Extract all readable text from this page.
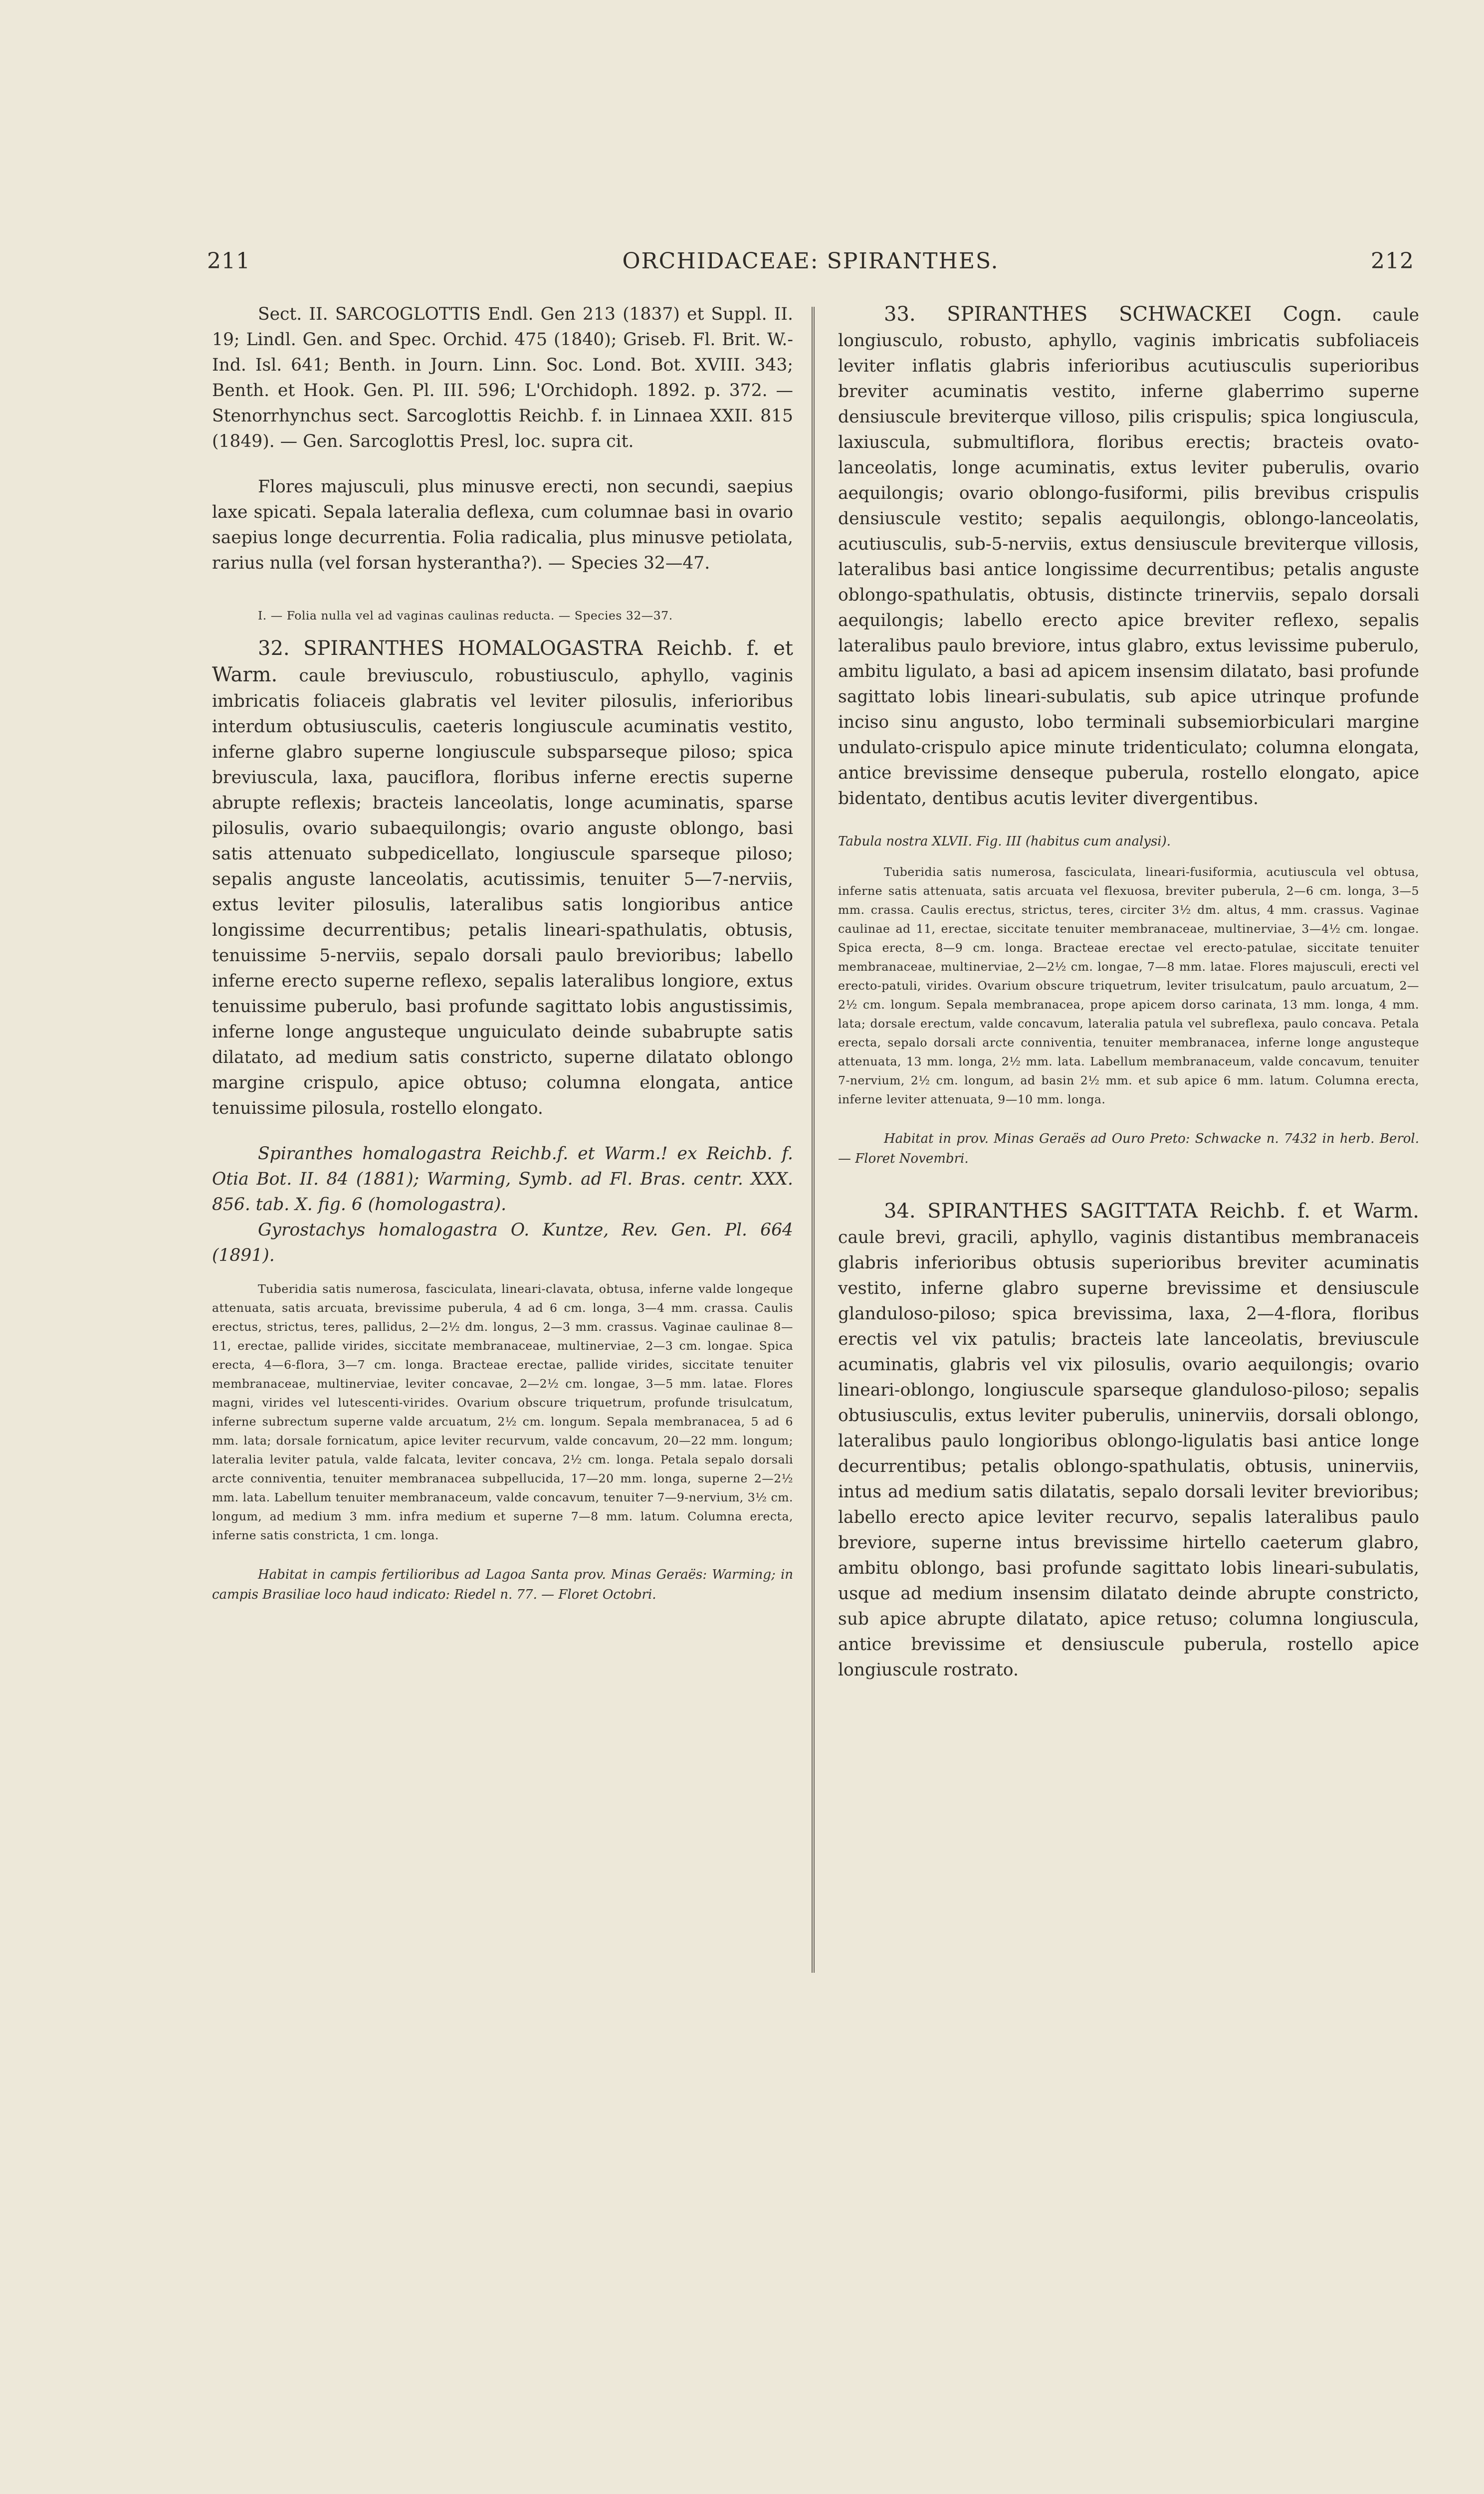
211	ORCHIDACEAE: SPIRANTHES.	212

Sect. II. SARCOGLOTTIS Endl. Gen 213 (1837) et Suppl. II. 19; Lindl. Gen. and Spec. Orchid. 475 (1840); Griseb. Fl. Brit. W.-Ind. Isl. 641; Benth. in Journ. Linn. Soc. Lond. Bot. XVIII. 343; Benth. et Hook. Gen. Pl. III. 596; L'Orchidoph. 1892. p. 372. — Stenorrhynchus sect. Sarcoglottis Reichb. f. in Linnaea XXII. 815 (1849). — Gen. Sarcoglottis Presl, loc. supra cit.

Flores majusculi, plus minusve erecti, non secundi, saepius laxe spicati. Sepala lateralia deflexa, cum columnae basi in ovario saepius longe decurrentia. Folia radicalia, plus minusve petiolata, rarius nulla (vel forsan hysterantha?). — Species 32—47.

I. — Folia nulla vel ad vaginas caulinas reducta. — Species 32—37.

32. SPIRANTHES HOMALOGASTRA Reichb. f. et Warm. caule breviusculo, robustiusculo, aphyllo, vaginis imbricatis foliaceis glabratis vel leviter pilosulis, inferioribus interdum obtusiusculis, caeteris longiuscule acuminatis vestito, inferne glabro superne longiuscule subsparseque piloso; spica breviuscula, laxa, pauciflora, floribus inferne erectis superne abrupte reflexis; bracteis lanceolatis, longe acuminatis, sparse pilosulis, ovario subaequilongis; ovario anguste oblongo, basi satis attenuato subpedicellato, longiuscule sparseque piloso; sepalis anguste lanceolatis, acutissimis, tenuiter 5—7-nerviis, extus leviter pilosulis, lateralibus satis longioribus antice longissime decurrentibus; petalis lineari-spathulatis, obtusis, tenuissime 5-nerviis, sepalo dorsali paulo brevioribus; labello inferne erecto superne reflexo, sepalis lateralibus longiore, extus tenuissime puberulo, basi profunde sagittato lobis angustissimis, inferne longe angusteque unguiculato deinde subabrupte satis dilatato, ad medium satis constricto, superne dilatato oblongo margine crispulo, apice obtuso; columna elongata, antice tenuissime pilosula, rostello elongato.

Spiranthes homalogastra Reichb.f. et Warm.! ex Reichb. f. Otia Bot. II. 84 (1881); Warming, Symb. ad Fl. Bras. centr. XXX. 856. tab. X. fig. 6 (homologastra).

Gyrostachys homalogastra O. Kuntze, Rev. Gen. Pl. 664 (1891).

Tuberidia satis numerosa, fasciculata, lineari-clavata, obtusa, inferne valde longeque attenuata, satis arcuata, brevissime puberula, 4 ad 6 cm. longa, 3—4 mm. crassa. Caulis erectus, strictus, teres, pallidus, 2—2½ dm. longus, 2—3 mm. crassus. Vaginae caulinae 8—11, erectae, pallide virides, siccitate membranaceae, multinerviae, 2—3 cm. longae. Spica erecta, 4—6-flora, 3—7 cm. longa. Bracteae erectae, pallide virides, siccitate tenuiter membranaceae, multinerviae, leviter concavae, 2—2½ cm. longae, 3—5 mm. latae. Flores magni, virides vel lutescenti-virides. Ovarium obscure triquetrum, profunde trisulcatum, inferne subrectum superne valde arcuatum, 2½ cm. longum. Sepala membranacea, 5 ad 6 mm. lata; dorsale fornicatum, apice leviter recurvum, valde concavum, 20—22 mm. longum; lateralia leviter patula, valde falcata, leviter concava, 2½ cm. longa. Petala sepalo dorsali arcte conniventia, tenuiter membranacea subpellucida, 17—20 mm. longa, superne 2—2½ mm. lata. Labellum tenuiter membranaceum, valde concavum, tenuiter 7—9-nervium, 3½ cm. longum, ad medium 3 mm. infra medium et superne 7—8 mm. latum. Columna erecta, inferne satis constricta, 1 cm. longa.

Habitat in campis fertilioribus ad Lagoa Santa prov. Minas Geraës: Warming; in campis Brasiliae loco haud indicato: Riedel n. 77. — Floret Octobri.

33. SPIRANTHES SCHWACKEI Cogn. caule longiusculo, robusto, aphyllo, vaginis imbricatis subfoliaceis leviter inflatis glabris inferioribus acutiusculis superioribus breviter acuminatis vestito, inferne glaberrimo superne densiuscule breviterque villoso, pilis crispulis; spica longiuscula, laxiuscula, submultiflora, floribus erectis; bracteis ovato-lanceolatis, longe acuminatis, extus leviter puberulis, ovario aequilongis; ovario oblongo-fusiformi, pilis brevibus crispulis densiuscule vestito; sepalis aequilongis, oblongo-lanceolatis, acutiusculis, sub-5-nerviis, extus densiuscule breviterque villosis, lateralibus basi antice longissime decurrentibus; petalis anguste oblongo-spathulatis, obtusis, distincte trinerviis, sepalo dorsali aequilongis; labello erecto apice breviter reflexo, sepalis lateralibus paulo breviore, intus glabro, extus levissime puberulo, ambitu ligulato, a basi ad apicem insensim dilatato, basi profunde sagittato lobis lineari-subulatis, sub apice utrinque profunde inciso sinu angusto, lobo terminali subsemiorbiculari margine undulato-crispulo apice minute tridenticulato; columna elongata, antice brevissime denseque puberula, rostello elongato, apice bidentato, dentibus acutis leviter divergentibus.

Tabula nostra XLVII. Fig. III (habitus cum analysi).

Tuberidia satis numerosa, fasciculata, lineari-fusiformia, acutiuscula vel obtusa, inferne satis attenuata, satis arcuata vel flexuosa, breviter puberula, 2—6 cm. longa, 3—5 mm. crassa. Caulis erectus, strictus, teres, circiter 3½ dm. altus, 4 mm. crassus. Vaginae caulinae ad 11, erectae, siccitate tenuiter membranaceae, multinerviae, 3—4½ cm. longae. Spica erecta, 8—9 cm. longa. Bracteae erectae vel erecto-patulae, siccitate tenuiter membranaceae, multinerviae, 2—2½ cm. longae, 7—8 mm. latae. Flores majusculi, erecti vel erecto-patuli, virides. Ovarium obscure triquetrum, leviter trisulcatum, paulo arcuatum, 2—2½ cm. longum. Sepala membranacea, prope apicem dorso carinata, 13 mm. longa, 4 mm. lata; dorsale erectum, valde concavum, lateralia patula vel subreflexa, paulo concava. Petala erecta, sepalo dorsali arcte conniventia, tenuiter membranacea, inferne longe angusteque attenuata, 13 mm. longa, 2½ mm. lata. Labellum membranaceum, valde concavum, tenuiter 7-nervium, 2½ cm. longum, ad basin 2½ mm. et sub apice 6 mm. latum. Columna erecta, inferne leviter attenuata, 9—10 mm. longa.

Habitat in prov. Minas Geraës ad Ouro Preto: Schwacke n. 7432 in herb. Berol. — Floret Novembri.

34. SPIRANTHES SAGITTATA Reichb. f. et Warm. caule brevi, gracili, aphyllo, vaginis distantibus membranaceis glabris inferioribus obtusis superioribus breviter acuminatis vestito, inferne glabro superne brevissime et densiuscule glanduloso-piloso; spica brevissima, laxa, 2—4-flora, floribus erectis vel vix patulis; bracteis late lanceolatis, breviuscule acuminatis, glabris vel vix pilosulis, ovario aequilongis; ovario lineari-oblongo, longiuscule sparseque glanduloso-piloso; sepalis obtusiusculis, extus leviter puberulis, uninerviis, dorsali oblongo, lateralibus paulo longioribus oblongo-ligulatis basi antice longe decurrentibus; petalis oblongo-spathulatis, obtusis, uninerviis, intus ad medium satis dilatatis, sepalo dorsali leviter brevioribus; labello erecto apice leviter recurvo, sepalis lateralibus paulo breviore, superne intus brevissime hirtello caeterum glabro, ambitu oblongo, basi profunde sagittato lobis lineari-subulatis, usque ad medium insensim dilatato deinde abrupte constricto, sub apice abrupte dilatato, apice retuso; columna longiuscula, antice brevissime et densiuscule puberula, rostello apice longiuscule rostrato.
